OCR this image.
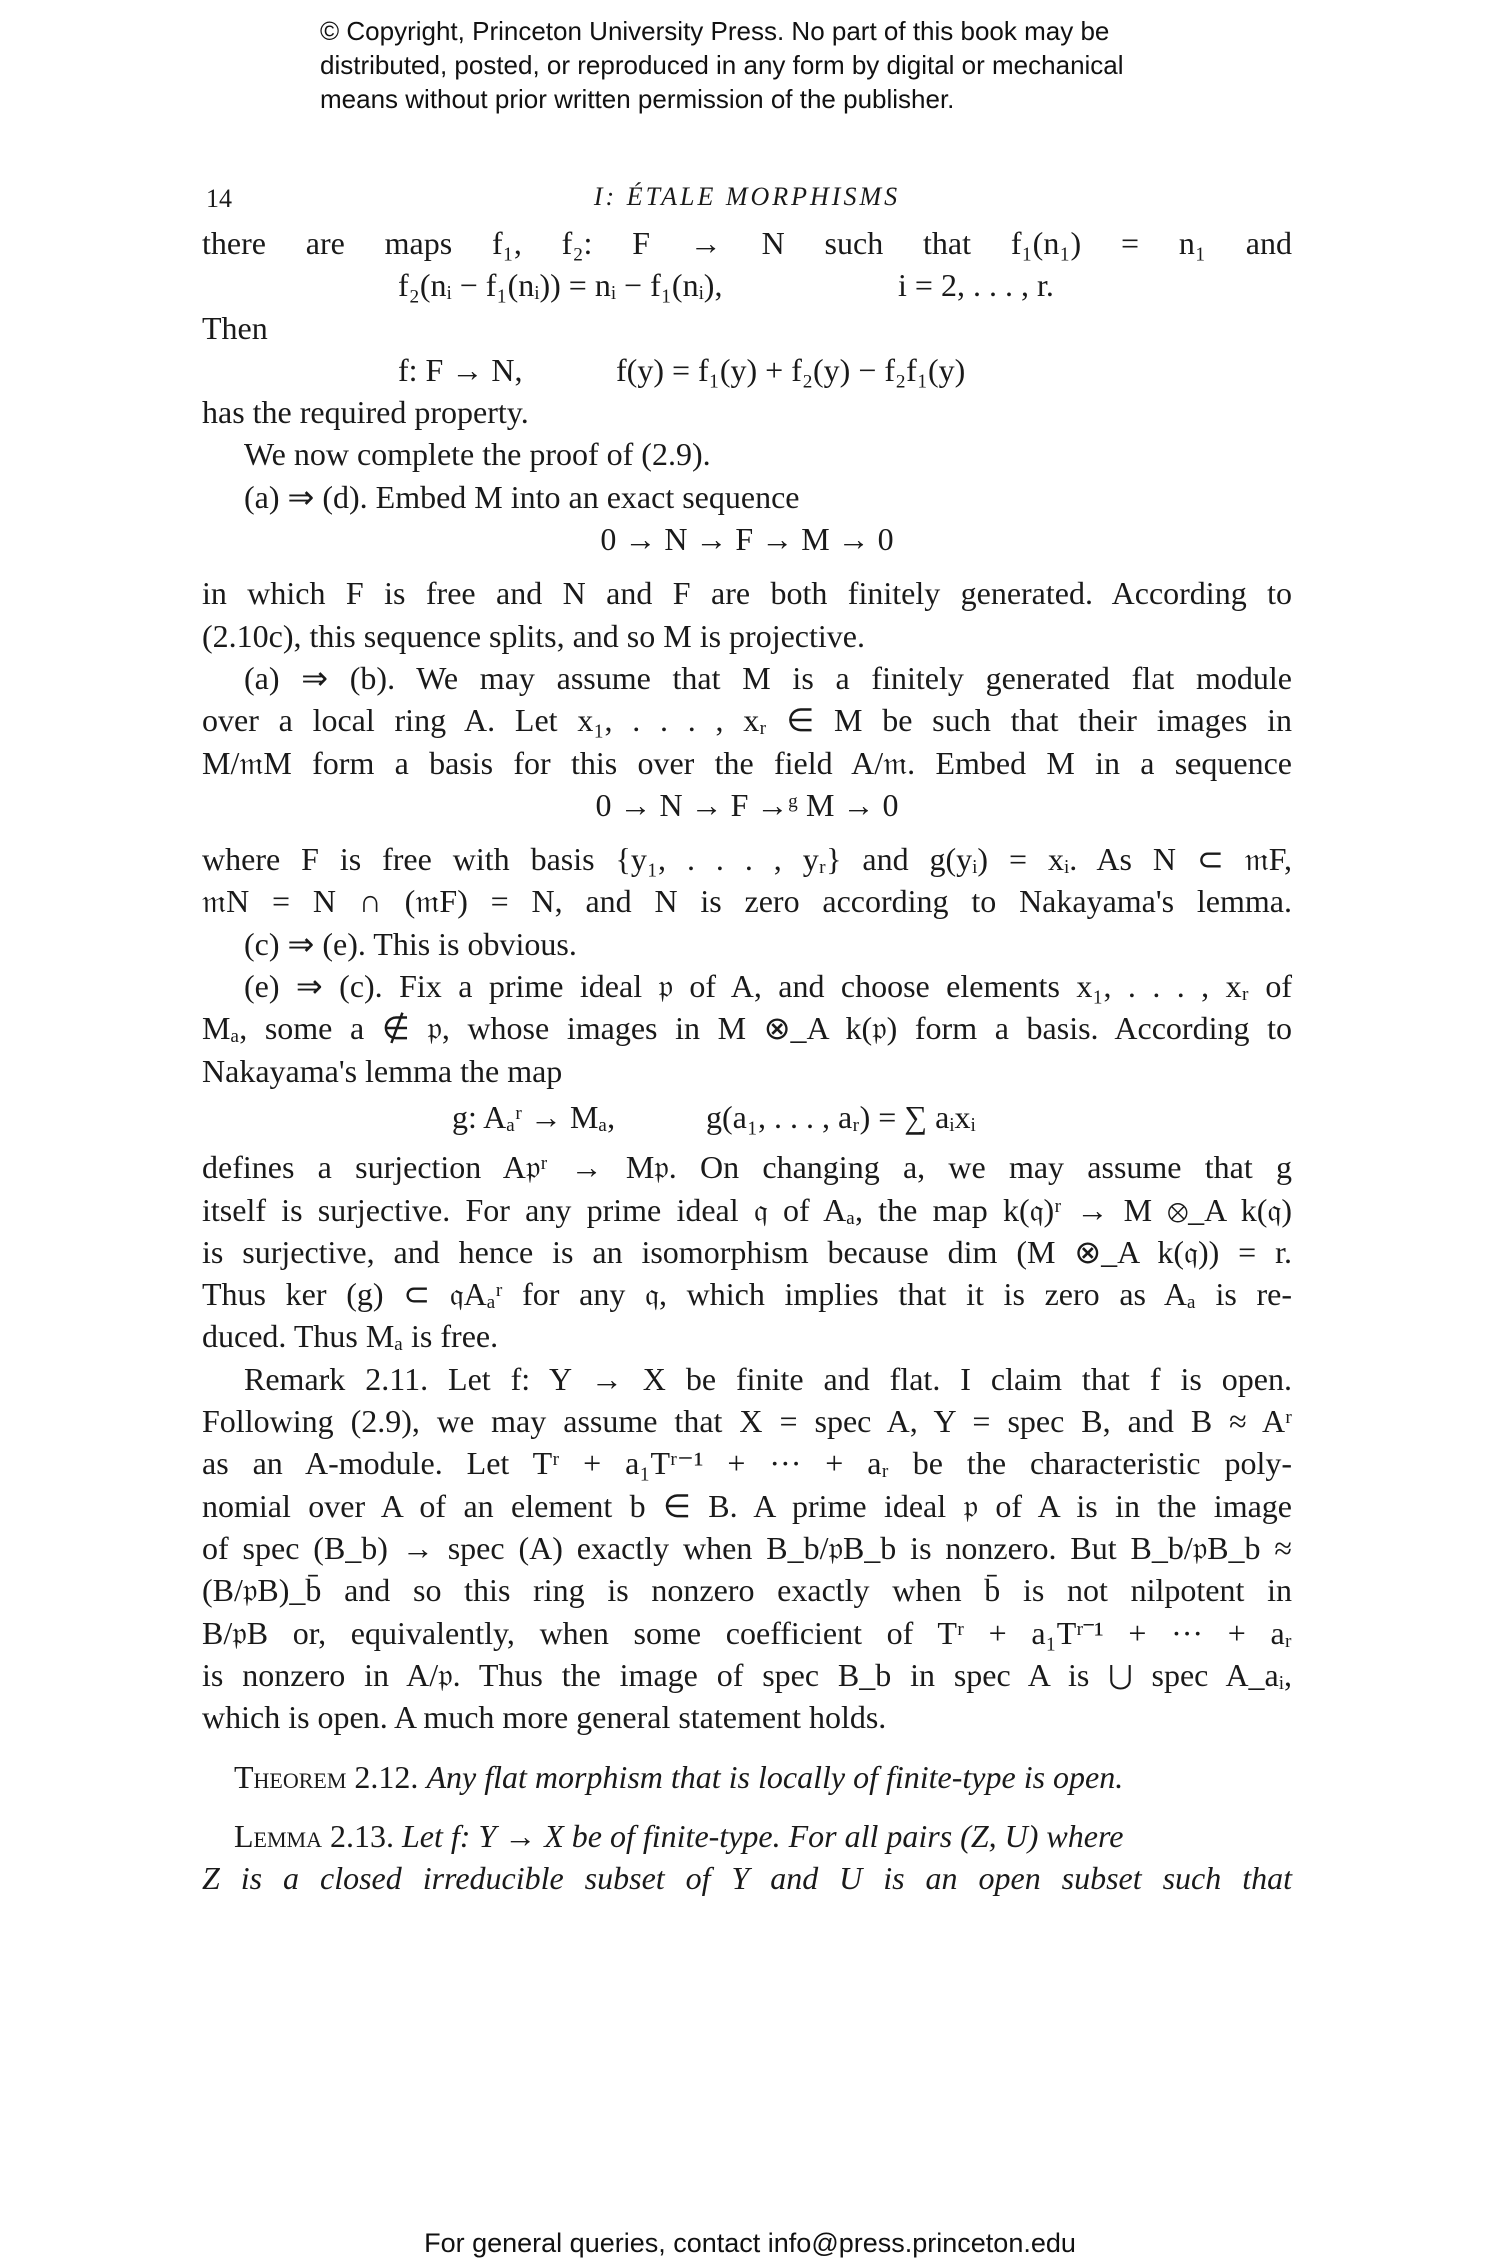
© Copyright, Princeton University Press. No part of this book may be
distributed, posted, or reproduced in any form by digital or mechanical
means without prior written permission of the publisher.
14	I: ÉTALE MORPHISMS
there are maps f₁, f₂: F → N such that f₁(n₁) = n₁ and
f₂(nᵢ − f₁(nᵢ)) = nᵢ − f₁(nᵢ),	i = 2, . . . , r.
Then
f: F → N,	f(y) = f₁(y) + f₂(y) − f₂f₁(y)
has the required property.
We now complete the proof of (2.9).
(a) ⇒ (d). Embed M into an exact sequence
0 → N → F → M → 0
in which F is free and N and F are both finitely generated. According to
(2.10c), this sequence splits, and so M is projective.
(a) ⇒ (b). We may assume that M is a finitely generated flat module
over a local ring A. Let x₁, . . . , xᵣ ∈ M be such that their images in
M/𝔪M form a basis for this over the field A/𝔪. Embed M in a sequence
0 → N → F →ᵍ M → 0
where F is free with basis {y₁, . . . , yᵣ} and g(yᵢ) = xᵢ. As N ⊂ 𝔪F,
𝔪N = N ∩ (𝔪F) = N, and N is zero according to Nakayama's lemma.
(c) ⇒ (e). This is obvious.
(e) ⇒ (c). Fix a prime ideal 𝔭 of A, and choose elements x₁, . . . , xᵣ of
Mₐ, some a ∉ 𝔭, whose images in M ⊗_A k(𝔭) form a basis. According to
Nakayama's lemma the map
g: Aₐʳ → Mₐ,	g(a₁, . . . , aᵣ) = ∑ aᵢxᵢ
defines a surjection A𝔭ʳ → M𝔭. On changing a, we may assume that g
itself is surjective. For any prime ideal 𝔮 of Aₐ, the map k(𝔮)ʳ → M ⊗_A k(𝔮)
is surjective, and hence is an isomorphism because dim (M ⊗_A k(𝔮)) = r.
Thus ker (g) ⊂ 𝔮Aₐʳ for any 𝔮, which implies that it is zero as Aₐ is re-
duced. Thus Mₐ is free.
Remark 2.11. Let f: Y → X be finite and flat. I claim that f is open.
Following (2.9), we may assume that X = spec A, Y = spec B, and B ≈ Aʳ
as an A-module. Let Tʳ + a₁Tʳ⁻¹ + ··· + aᵣ be the characteristic poly-
nomial over A of an element b ∈ B. A prime ideal 𝔭 of A is in the image
of spec (B_b) → spec (A) exactly when B_b/𝔭B_b is nonzero. But B_b/𝔭B_b ≈
(B/𝔭B)_b̄ and so this ring is nonzero exactly when b̄ is not nilpotent in
B/𝔭B or, equivalently, when some coefficient of Tʳ + a₁Tʳ⁻¹ + ··· + aᵣ
is nonzero in A/𝔭. Thus the image of spec B_b in spec A is ⋃ spec A_aᵢ,
which is open. A much more general statement holds.
Theorem 2.12. Any flat morphism that is locally of finite-type is open.
Lemma 2.13. Let f: Y → X be of finite-type. For all pairs (Z, U) where
Z is a closed irreducible subset of Y and U is an open subset such that
For general queries, contact info@press.princeton.edu
